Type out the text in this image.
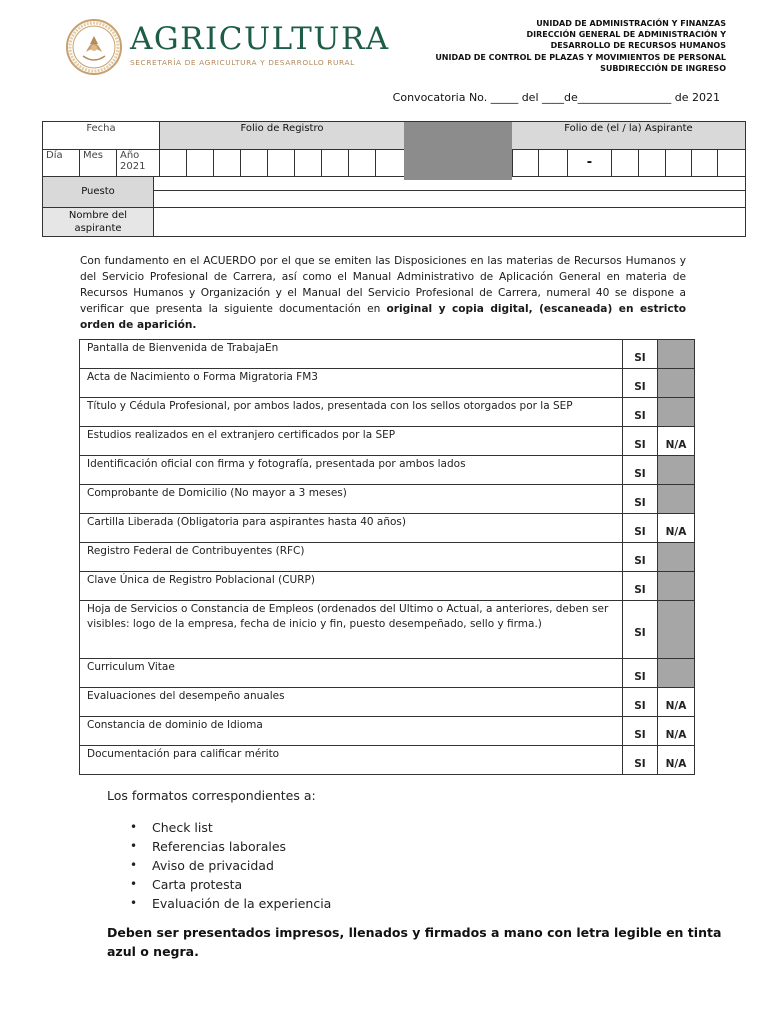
AGRICULTURA
SECRETARÍA DE AGRICULTURA Y DESARROLLO RURAL
UNIDAD DE ADMINISTRACIÓN Y FINANZAS
DIRECCIÓN GENERAL DE ADMINISTRACIÓN Y
DESARROLLO DE RECURSOS HUMANOS
UNIDAD DE CONTROL DE PLAZAS Y MOVIMIENTOS DE PERSONAL
SUBDIRECCIÓN DE INGRESO
Convocatoria No. _____ del ____de_________________ de 2021
Fecha	Folio de Registro	Folio de (el / la) Aspirante
Día	Mes	Año
2021	-
Puesto
Nombre del
aspirante
Con fundamento en el ACUERDO por el que se emiten las Disposiciones en las materias de Recursos Humanos y del Servicio Profesional de Carrera, así como el Manual Administrativo de Aplicación General en materia de Recursos Humanos y Organización y el Manual del Servicio Profesional de Carrera, numeral 40 se dispone a verificar que presenta la siguiente documentación en original y copia digital, (escaneada) en estricto orden de aparición.
Pantalla de Bienvenida de TrabajaEn	SI	
Acta de Nacimiento o Forma Migratoria FM3	SI	
Título y Cédula Profesional, por ambos lados, presentada con los sellos otorgados por la SEP	SI	
Estudios realizados en el extranjero certificados por la SEP	SI	N/A
Identificación oficial con firma y fotografía, presentada por ambos lados	SI	
Comprobante de Domicilio (No mayor a 3 meses)	SI	
Cartilla Liberada (Obligatoria para aspirantes hasta 40 años)	SI	N/A
Registro Federal de Contribuyentes (RFC)	SI	
Clave Única de Registro Poblacional (CURP)	SI	
Hoja de Servicios o Constancia de Empleos (ordenados del Ultimo o Actual, a anteriores, deben ser visibles: logo de la empresa, fecha de inicio y fin, puesto desempeñado, sello y firma.)	SI	
Curriculum Vitae	SI	
Evaluaciones del desempeño anuales	SI	N/A
Constancia de dominio de Idioma	SI	N/A
Documentación para calificar mérito	SI	N/A
Los formatos correspondientes a:
• Check list
• Referencias laborales
• Aviso de privacidad
• Carta protesta
• Evaluación de la experiencia
Deben ser presentados impresos, llenados y firmados a mano con letra legible en tinta azul o negra.
